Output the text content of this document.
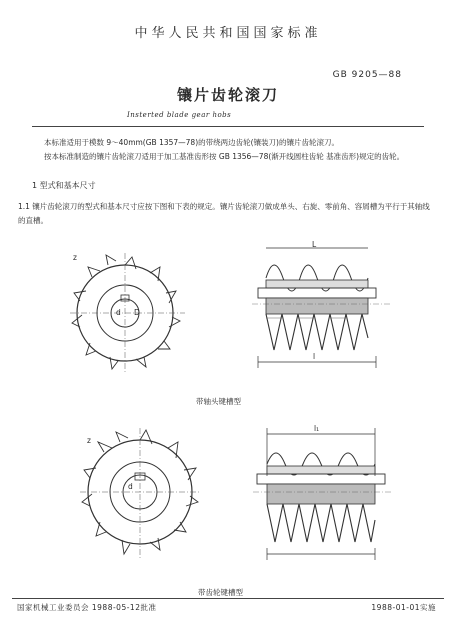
中华人民共和国国家标准
GB 9205—88
镶片齿轮滚刀
Insterted blade gear hobs

本标准适用于模数 9～40mm(GB 1357—78)的带绕两边齿轮(镶装刀)的镶片齿轮滚刀。

按本标准制造的镶片齿轮滚刀适用于加工基准齿形按 GB 1356—78(渐开线圆柱齿轮 基准齿形)规定的齿轮。

1 型式和基本尺寸
1.1 镶片齿轮滚刀的型式和基本尺寸应按下图和下表的规定。镶片齿轮滚刀做成单头、右旋、零前角、容屑槽为平行于其轴线的直槽。
z
d D
L
l
带轴头键槽型
z
d
l₁
带齿轮键槽型
国家机械工业委员会 1988-05-12批准	1988-01-01实施
